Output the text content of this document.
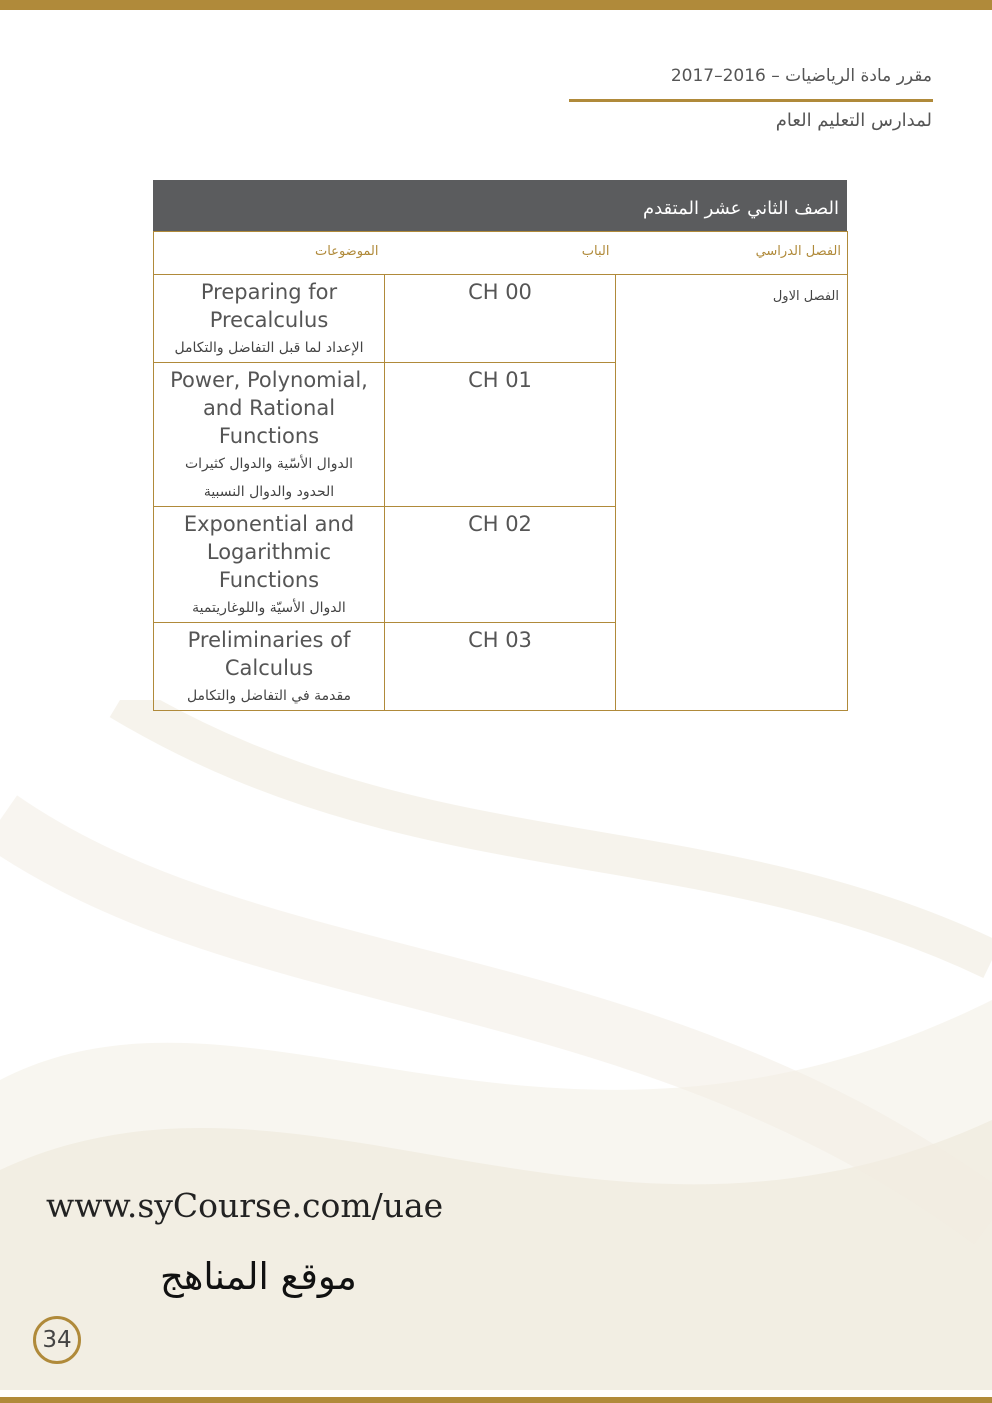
مقرر مادة الرياضيات – 2016–2017
لمدارس التعليم العام
الصف الثاني عشر المتقدم
الموضوعات	الباب	الفصل الدراسي

Preparing for Precalculus
الإعداد لما قبل التفاضل والتكامل	CH 00	الفصل الاول

Power, Polynomial, and Rational Functions
الدوال الأسّية والدوال كثيرات الحدود والدوال النسبية	CH 01	

Exponential and Logarithmic Functions
الدوال الأسيّة واللوغاريتمية	CH 02	

Preliminaries of Calculus
مقدمة في التفاضل والتكامل	CH 03	
www.syCourse.com/uae
موقع المناهج
34
